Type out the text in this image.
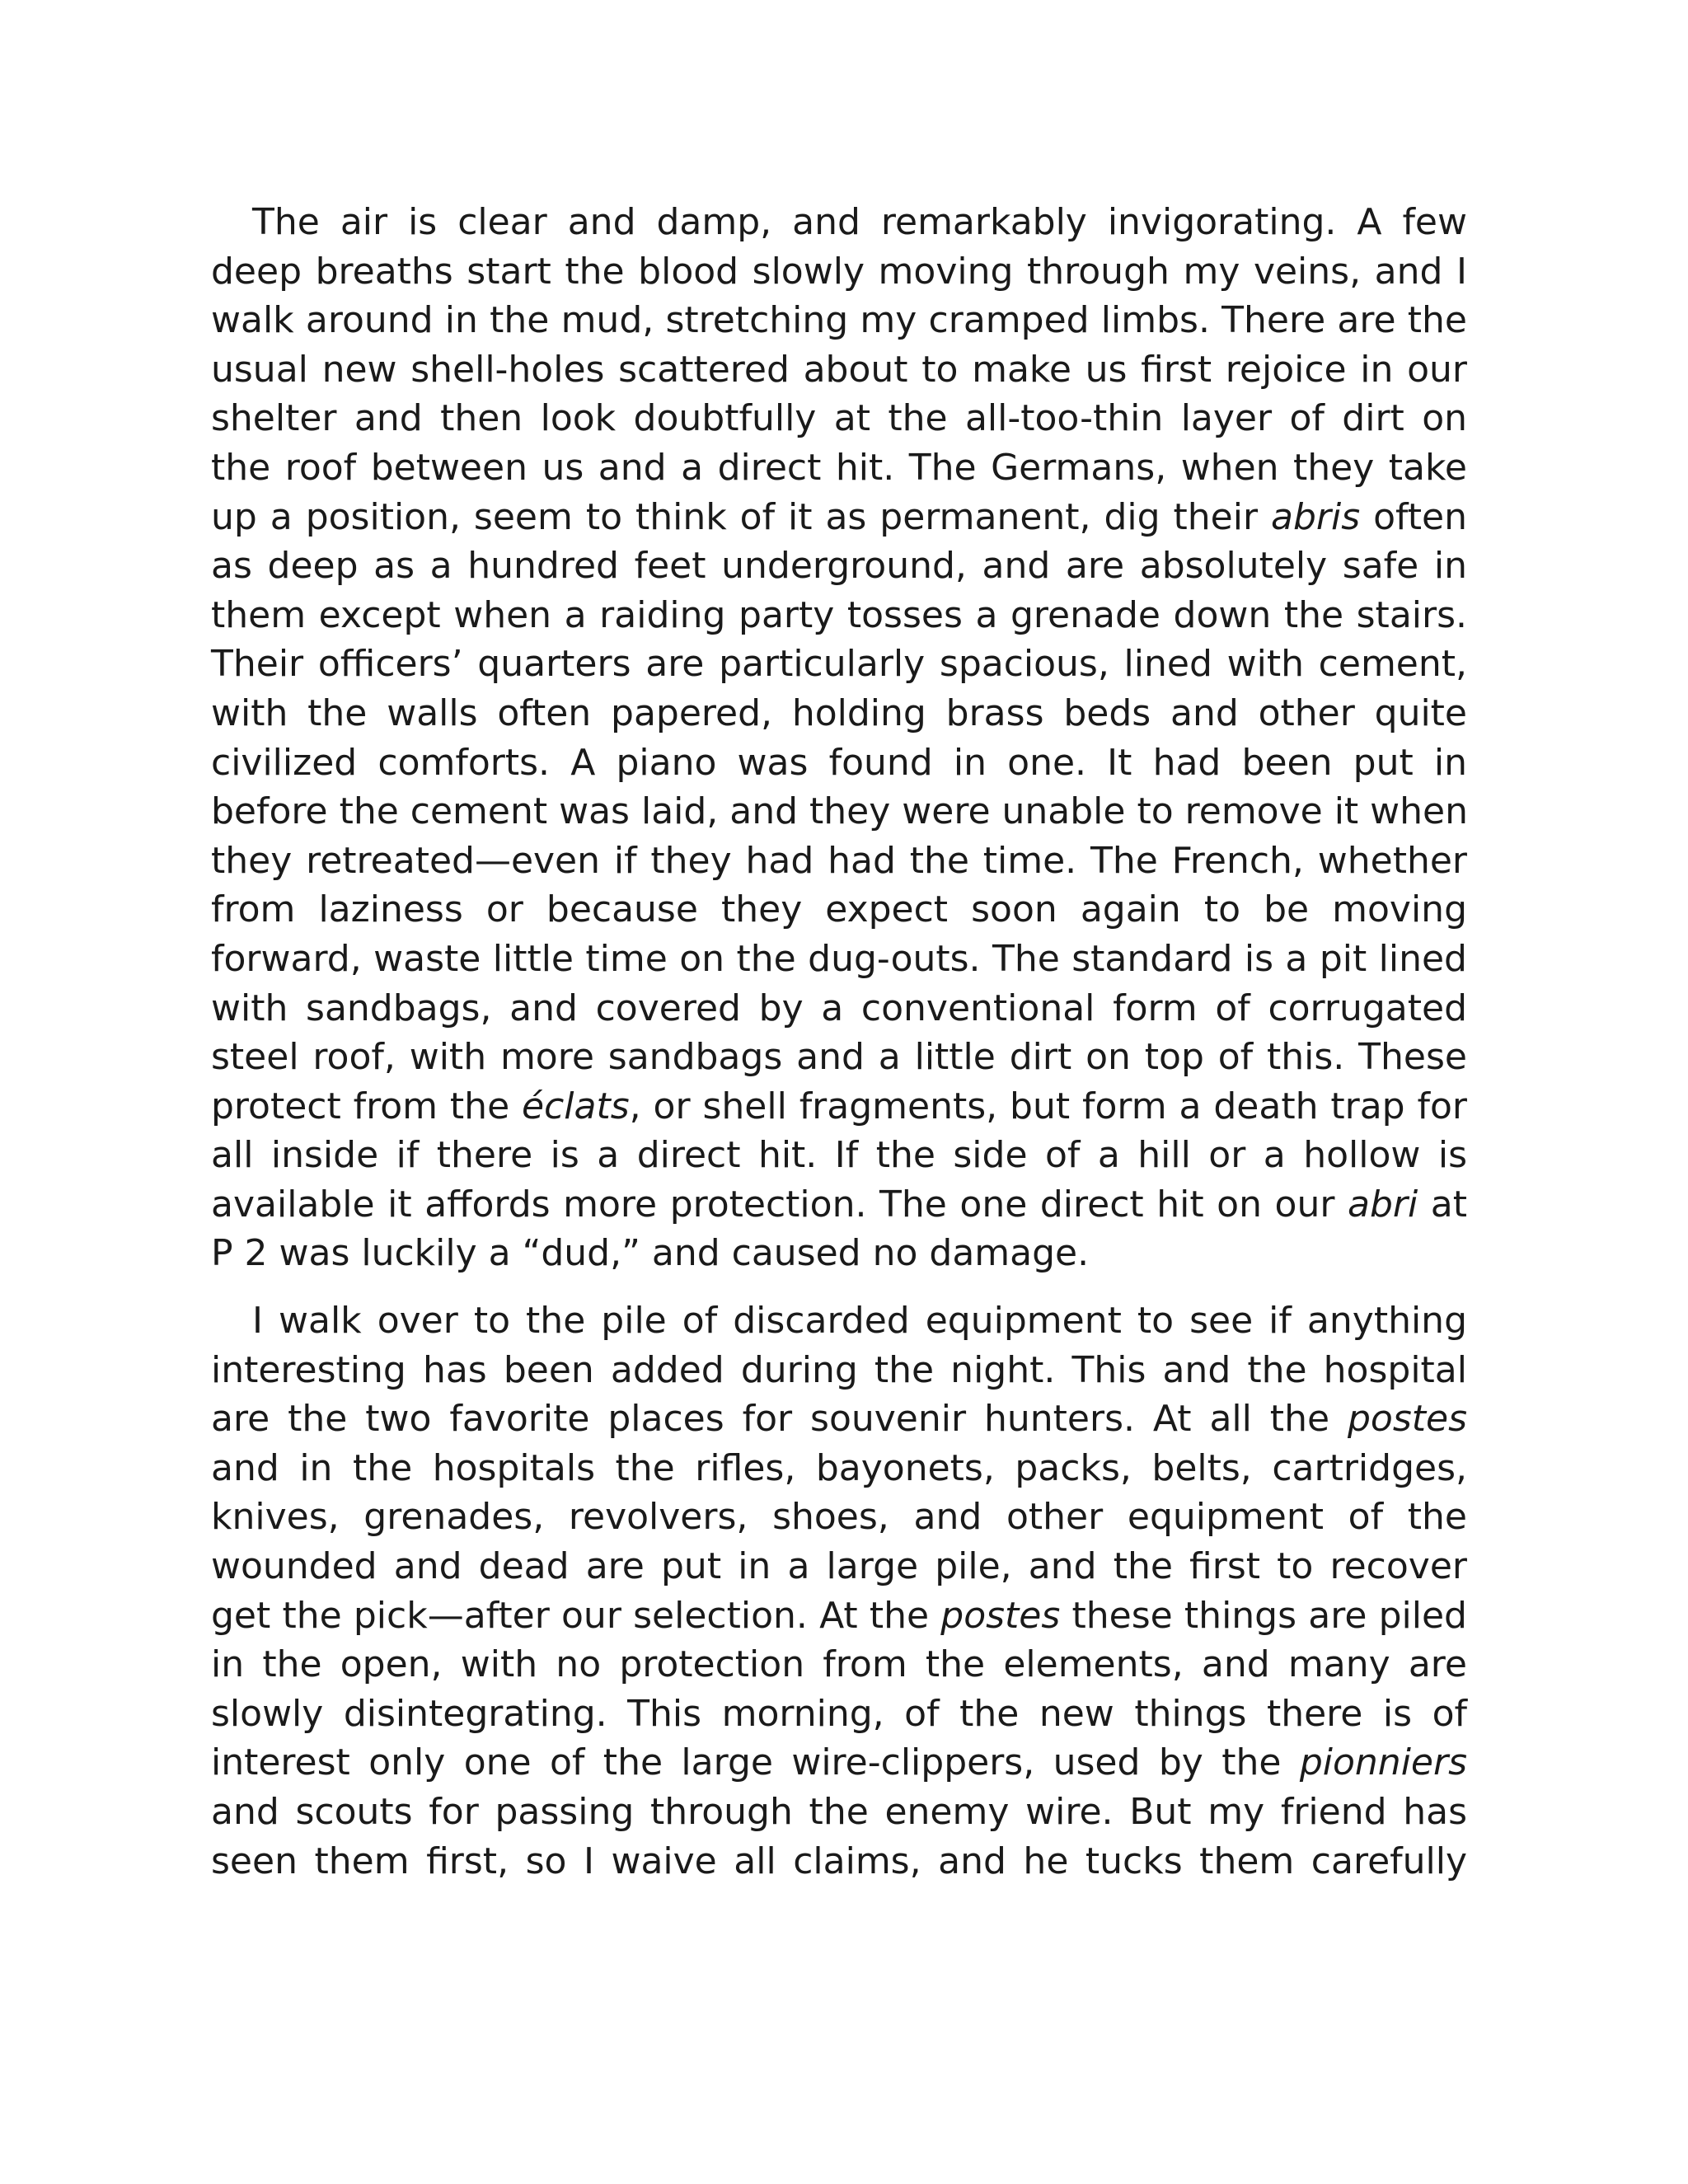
The air is clear and damp, and remarkably invigorating. A few
deep breaths start the blood slowly moving through my veins, and I
walk around in the mud, stretching my cramped limbs. There are the
usual new shell-holes scattered about to make us first rejoice in our
shelter and then look doubtfully at the all-too-thin layer of dirt on
the roof between us and a direct hit. The Germans, when they take
up a position, seem to think of it as permanent, dig their abris often
as deep as a hundred feet underground, and are absolutely safe in
them except when a raiding party tosses a grenade down the stairs.
Their officers’ quarters are particularly spacious, lined with cement,
with the walls often papered, holding brass beds and other quite
civilized comforts. A piano was found in one. It had been put in
before the cement was laid, and they were unable to remove it when
they retreated—even if they had had the time. The French, whether
from laziness or because they expect soon again to be moving
forward, waste little time on the dug-outs. The standard is a pit lined
with sandbags, and covered by a conventional form of corrugated
steel roof, with more sandbags and a little dirt on top of this. These
protect from the éclats, or shell fragments, but form a death trap for
all inside if there is a direct hit. If the side of a hill or a hollow is
available it affords more protection. The one direct hit on our abri at
P 2 was luckily a “dud,” and caused no damage.
I walk over to the pile of discarded equipment to see if anything
interesting has been added during the night. This and the hospital
are the two favorite places for souvenir hunters. At all the postes
and in the hospitals the rifles, bayonets, packs, belts, cartridges,
knives, grenades, revolvers, shoes, and other equipment of the
wounded and dead are put in a large pile, and the first to recover
get the pick—after our selection. At the postes these things are piled
in the open, with no protection from the elements, and many are
slowly disintegrating. This morning, of the new things there is of
interest only one of the large wire-clippers, used by the pionniers
and scouts for passing through the enemy wire. But my friend has
seen them first, so I waive all claims, and he tucks them carefully
